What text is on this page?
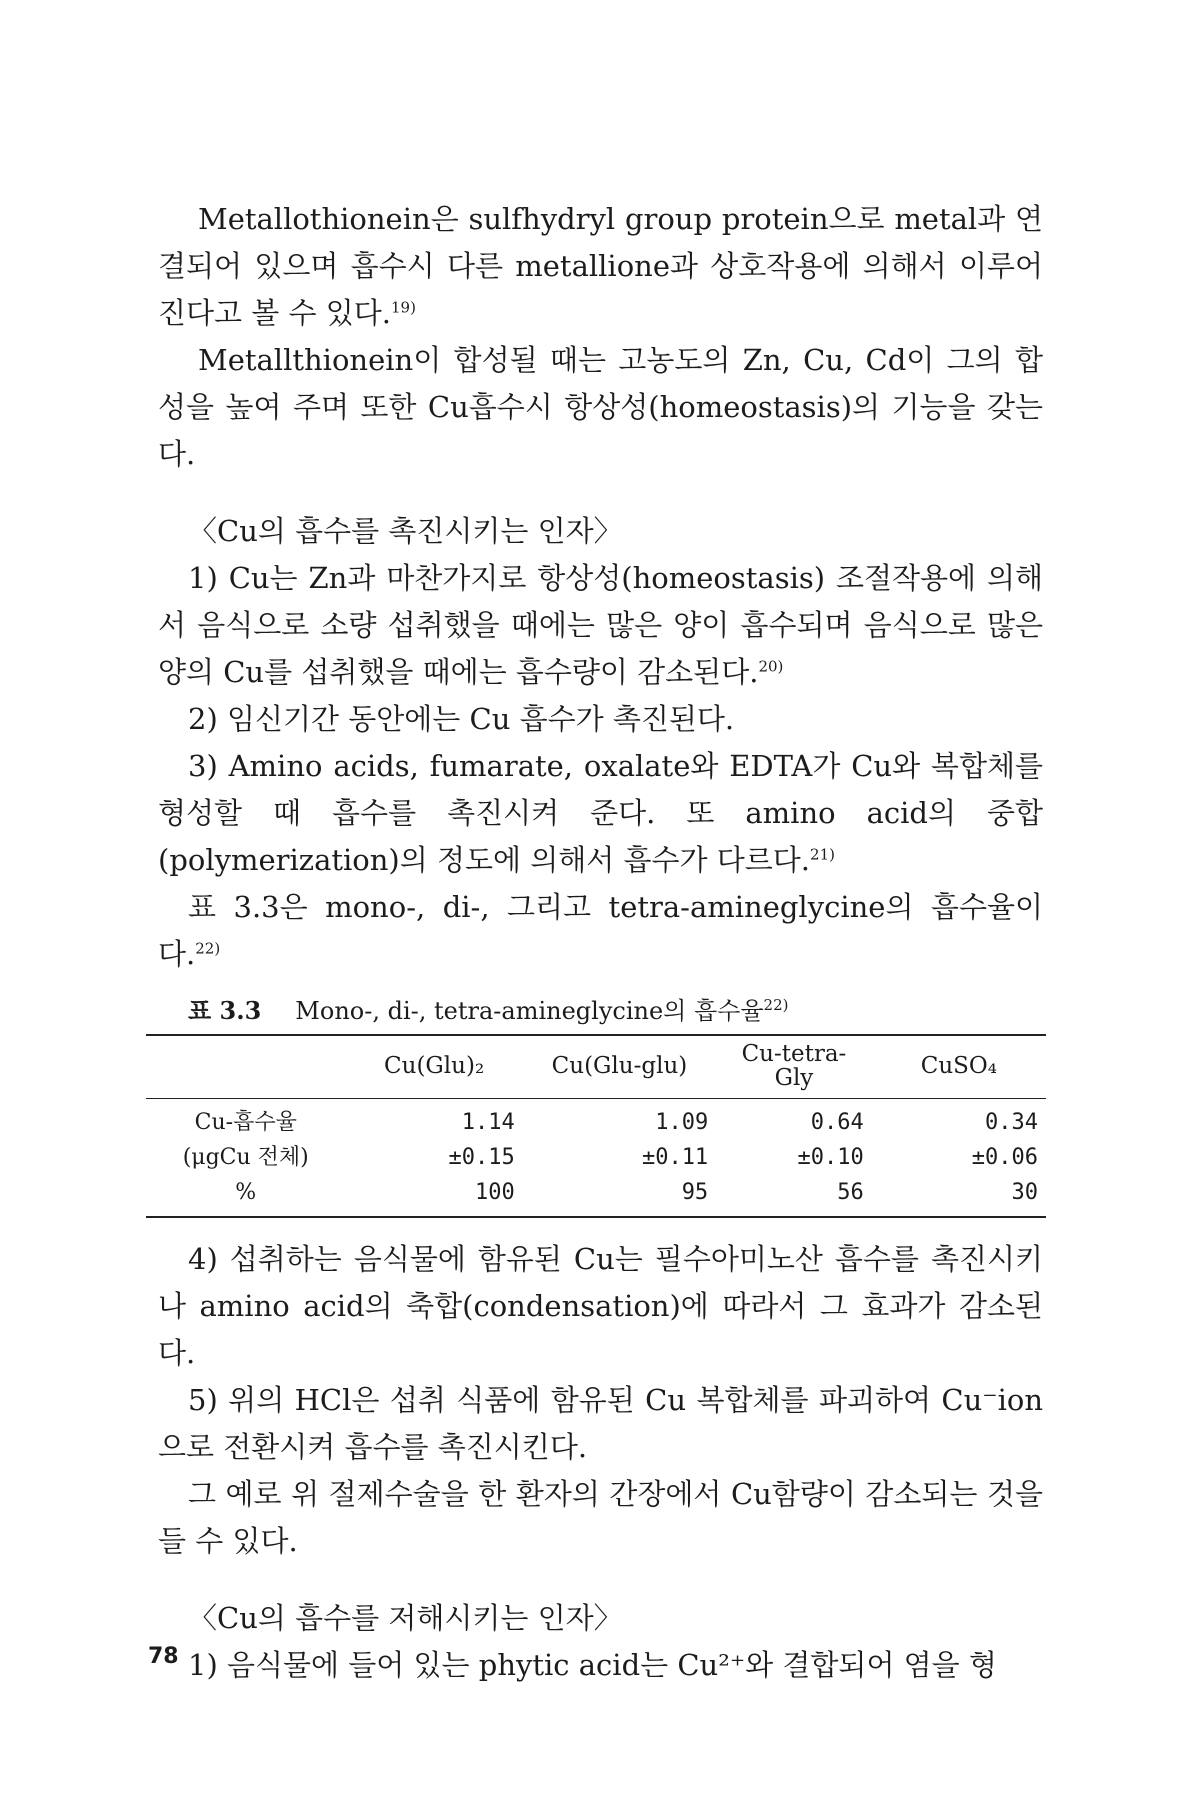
Metallothionein은 sulfhydryl group protein으로 metal과 연결되어 있으며 흡수시 다른 metallione과 상호작용에 의해서 이루어진다고 볼 수 있다.$^{19)}$

Metallthionein이 합성될 때는 고농도의 Zn, Cu, Cd이 그의 합성을 높여 주며 또한 Cu흡수시 항상성(homeostasis)의 기능을 갖는다.

〈Cu의 흡수를 촉진시키는 인자〉

1) Cu는 Zn과 마찬가지로 항상성(homeostasis) 조절작용에 의해서 음식으로 소량 섭취했을 때에는 많은 양이 흡수되며 음식으로 많은 양의 Cu를 섭취했을 때에는 흡수량이 감소된다.$^{20)}$

2) 임신기간 동안에는 Cu 흡수가 촉진된다.

3) Amino acids, fumarate, oxalate와 EDTA가 Cu와 복합체를 형성할 때 흡수를 촉진시켜 준다. 또 amino acid의 중합(polymerization)의 정도에 의해서 흡수가 다르다.$^{21)}$

표 3.3은 mono-, di-, 그리고 tetra-amineglycine의 흡수율이다.$^{22)}$

표 3.3 Mono-, di-, tetra-amineglycine의 흡수율$^{22)}$
	Cu(Glu)₂	Cu(Glu-glu)	Cu-tetra-Gly	CuSO₄
Cu-흡수율	1.14	1.09	0.64	0.34
(μgCu 전체)	±0.15	±0.11	±0.10	±0.06
%	100	95	56	30

4) 섭취하는 음식물에 함유된 Cu는 필수아미노산 흡수를 촉진시키나 amino acid의 축합(condensation)에 따라서 그 효과가 감소된다.

5) 위의 HCl은 섭취 식품에 함유된 Cu 복합체를 파괴하여 Cu⁻ion으로 전환시켜 흡수를 촉진시킨다.

그 예로 위 절제수술을 한 환자의 간장에서 Cu함량이 감소되는 것을 들 수 있다.

〈Cu의 흡수를 저해시키는 인자〉

1) 음식물에 들어 있는 phytic acid는 Cu²⁺와 결합되어 염을 형

78
